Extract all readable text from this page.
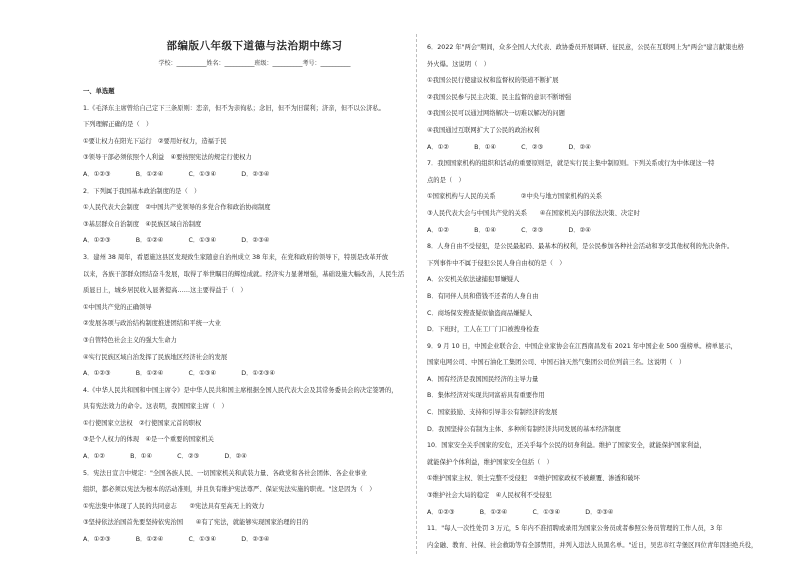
部编版八年级下道德与法治期中练习
学校：__________姓名：__________班级：__________考号：__________
一、单选题
1.《毛泽东主席曾给自己定下三条原则：恋亲，但不为亲徇私；念旧，但不为旧谋利；济亲，但不以公济私。
下列理解正确的是（　）
①要让权力在阳光下运行　②要用好权力，造福于民
③领导干部必须依照个人利益　④要按照宪法的规定行使权力
A．①②③　　　　B．①②④　　　　C．①③④　　　　D．②③④
2．下列属于我国基本政治制度的是（　）
①人民代表大会制度　②中国共产党领导的多党合作和政治协商制度
③基层群众自治制度　④民族区域自治制度
A．①②③　　　　B．①②④　　　　C．①③④　　　　D．②③④
3．建州 38 周年，看恩施这县区发现致生家随意自治州成立 38 年来，在党和政府的领导下，特别是改革开放
以来，各族干部群众团结奋斗发展，取得了举世瞩目的辉煌成就。经济实力显著增强，基础设施大幅改善，人民生活
质显日上，城乡居民收入显著提高……这主要得益于（　）
①中国共产党的正确领导
②发展各项与政治结构制度推进团结和平统一大业
③自管特色社会主义的强大生命力
④实行民族区域自治发挥了民族地区经济社会的发展
A．①②③　　　　B．①②④　　　　C．①③④　　　　D．①②③④
4.《中华人民共和国和中国主席令》是中华人民共和国主席根据全国人民代表大会及其常务委员会的决定签署的，
具有宪法效力的命令。这表明，我国国家主席（　）
①行使国家立法权　②行使国家元首的职权
③是个人权力的体现　④是一个重要的国家机关
A．①②　　　　B．①④　　　　C．②③　　　　D．②④
5．宪法日宣言中规定："全国各族人民、一切国家机关和武装力量、各政党和各社会团体、各企业事业
组织，都必须以宪法为根本的活动准则，并且负有维护宪法尊严、保证宪法实施的职责。"这是因为（　）
①宪法集中体现了人民的共同意志　　②宪法具有至高无上的效力
③坚持依法治国首先要坚持依宪治国　　④有了宪法，就能够实现国家治理的目的
A．①②③　　　　B．①②④　　　　C．①③④　　　　D．②③④
6．2022 年"两会"期间，众多全国人大代表、政协委员开展调研、征民意，公民在互联网上为"两会"建言献策也格
外火爆。这说明（　）
①我国公民行使建议权和监督权的渠道不断扩展
②我国公民参与民主决策、民主监督的意识不断增强
③我国公民可以通过网络解决一切难以解决的问题
④我国通过互联网扩大了公民的政治权利
A．①②　　　　B．①④　　　　C．②③　　　　D．②④
7．我国国家机构的组织和活动的重要原则是，就是实行民主集中制原则。下列关系或行为中体现这一特
点的是（　）
①国家机构与人民的关系　　　　②中央与地方国家机构的关系
③人民代表大会与中国共产党的关系　　④在国家机关内部依法决策、决定时
A．①②　　　　B．①④　　　　C．②③　　　　D．②④
8．人身自由不受侵犯，是公民最起码、最基本的权利，是公民参加各种社会活动和享受其他权利的先决条件。
下列事件中不属于侵犯公民人身自由权的是（　）
A．公安机关依法逮捕犯罪嫌疑人
B．有同伴人员和借钱不还者的人身自由
C．商场保安搜查疑似偷盗商品嫌疑人
D．下班时，工人在工厂门口被搜身检查
9．9 月 10 日，中国企业联合会、中国企业家协会在江西南昌发布 2021 年中国企业 500 强榜单。榜单显示，
国家电网公司、中国石油化工集团公司、中国石油天然气集团公司位列前三名。这说明（　）
A．国有经济是我国国民经济的主导力量
B．集体经济对实现共同富裕具有重要作用
C．国家鼓励、支持和引导非公有制经济的发展
D．我国坚持公有制为主体、多种所有制经济共同发展的基本经济制度
10．国家安全关乎国家的安危，还关乎每个公民的切身利益。维护了国家安全，就能保护国家利益，
就能保护个体利益，维护国家安全包括（　）
①维护国家主权、领土完整不受侵犯　②维护国家政权不被颠覆、渗透和破坏
③维护社会大局的稳定　④人民权利不受侵犯
A．①②③　　　　B．①②④　　　　C．①③④　　　　D．②③④
11．"每人一次性处罚 3 万元，5 年内不准招聘或录用为国家公务员或者参照公务员管理的工作人员，3 年
内金融、教育、社保、社会救助等有全部禁用，并列入违法人员黑名单。"近日，吴忠市红寺堡区四位青年因拒绝兵役，
